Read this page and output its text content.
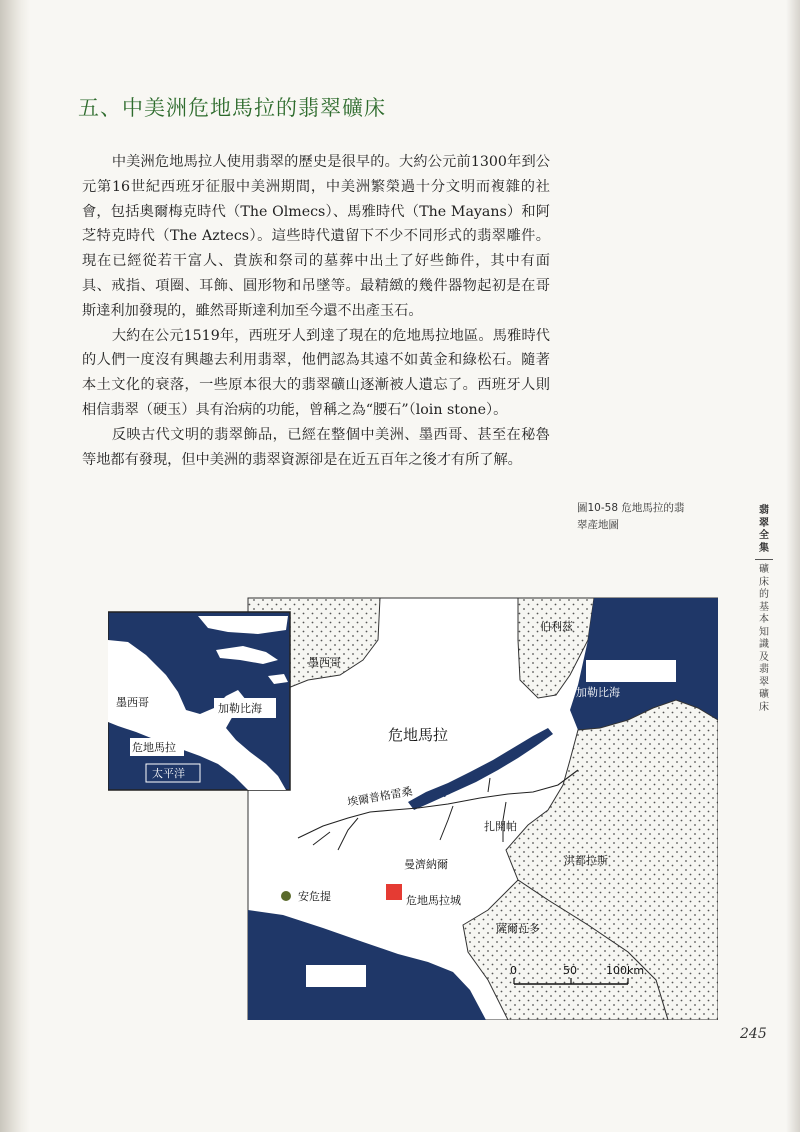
五、中美洲危地馬拉的翡翠礦床

中美洲危地馬拉人使用翡翠的歷史是很早的。大約公元前1300年到公元第16世紀西班牙征服中美洲期間，中美洲繁榮過十分文明而複雜的社會，包括奧爾梅克時代（The Olmecs）、馬雅時代（The Mayans）和阿芝特克時代（The Aztecs）。這些時代遺留下不少不同形式的翡翠雕件。現在已經從若干富人、貴族和祭司的墓葬中出土了好些飾件，其中有面具、戒指、項圈、耳飾、圓形物和吊墜等。最精緻的幾件器物起初是在哥斯達利加發現的，雖然哥斯達利加至今還不出產玉石。

大約在公元1519年，西班牙人到達了現在的危地馬拉地區。馬雅時代的人們一度沒有興趣去利用翡翠，他們認為其遠不如黃金和綠松石。隨著本土文化的衰落，一些原本很大的翡翠礦山逐漸被人遺忘了。西班牙人則相信翡翠（硬玉）具有治病的功能，曾稱之為“腰石”（loin stone）。

反映古代文明的翡翠飾品，已經在整個中美洲、墨西哥、甚至在秘魯等地都有發現，但中美洲的翡翠資源卻是在近五百年之後才有所了解。

圖10-58 危地馬拉的翡翠產地圖
翡
翠
全
集
礦
床
的
基
本
知
識
及
翡
翠
礦
床
墨西哥	加勒比海
危地馬拉
太平洋
墨西哥
伯利茲
加勒比海
危地馬拉
埃爾普格雷桑
扎開帕
曼濟納爾	洪都拉斯
安危提	危地馬拉城
薩爾瓦多
太平洋	0	50	100km
245
